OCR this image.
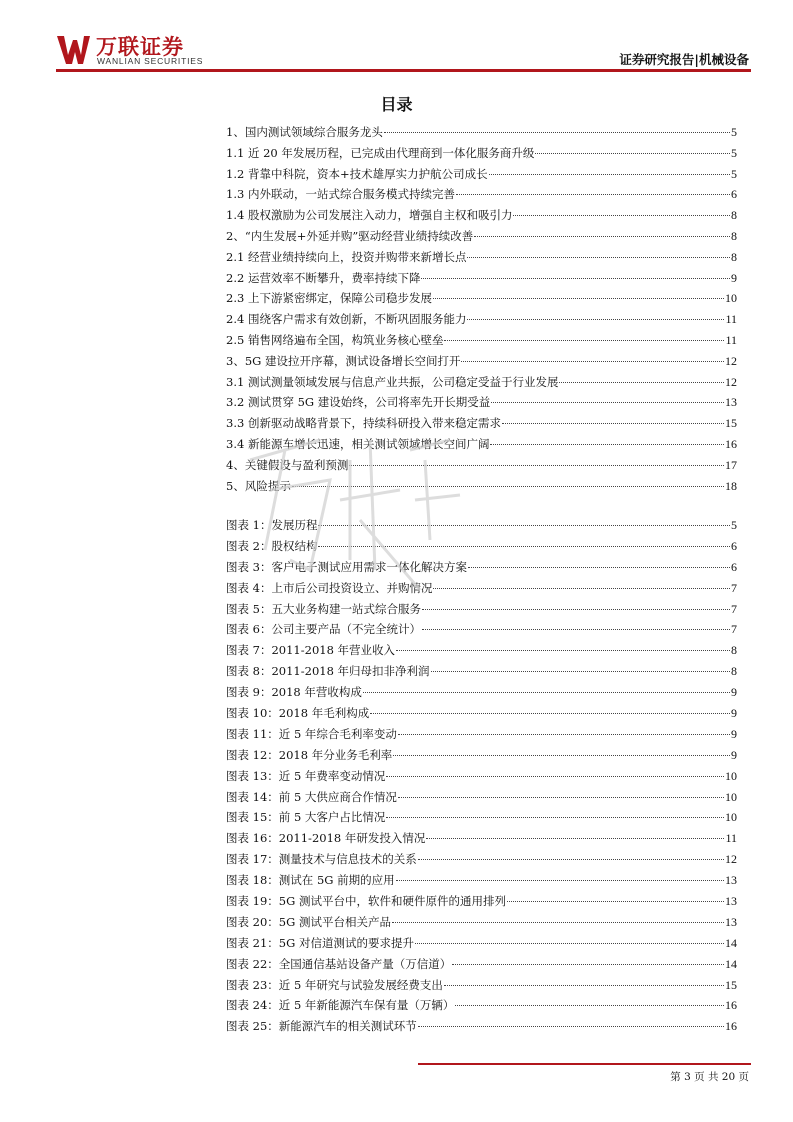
万联证券
WANLIAN SECURITIES	证券研究报告|机械设备
目录
1、国内测试领域综合服务龙头	5
1.1 近 20 年发展历程，已完成由代理商到一体化服务商升级	5
1.2 背靠中科院，资本+技术雄厚实力护航公司成长	5
1.3 内外联动，一站式综合服务模式持续完善	6
1.4 股权激励为公司发展注入动力，增强自主权和吸引力	8
2、“内生发展+外延并购”驱动经营业绩持续改善	8
2.1 经营业绩持续向上，投资并购带来新增长点	8
2.2 运营效率不断攀升，费率持续下降	9
2.3 上下游紧密绑定，保障公司稳步发展	10
2.4 围绕客户需求有效创新，不断巩固服务能力	11
2.5 销售网络遍布全国，构筑业务核心壁垒	11
3、5G 建设拉开序幕，测试设备增长空间打开	12
3.1 测试测量领域发展与信息产业共振，公司稳定受益于行业发展	12
3.2 测试贯穿 5G 建设始终，公司将率先开长期受益	13
3.3 创新驱动战略背景下，持续科研投入带来稳定需求	15
3.4 新能源车增长迅速，相关测试领域增长空间广阔	16
4、关键假设与盈利预测	17
5、风险提示	18
图表 1：发展历程	5
图表 2：股权结构	6
图表 3：客户电子测试应用需求一体化解决方案	6
图表 4：上市后公司投资设立、并购情况	7
图表 5：五大业务构建一站式综合服务	7
图表 6：公司主要产品（不完全统计）	7
图表 7：2011-2018 年营业收入	8
图表 8：2011-2018 年归母扣非净利润	8
图表 9：2018 年营收构成	9
图表 10：2018 年毛利构成	9
图表 11：近 5 年综合毛利率变动	9
图表 12：2018 年分业务毛利率	9
图表 13：近 5 年费率变动情况	10
图表 14：前 5 大供应商合作情况	10
图表 15：前 5 大客户占比情况	10
图表 16：2011-2018 年研发投入情况	11
图表 17：测量技术与信息技术的关系	12
图表 18：测试在 5G 前期的应用	13
图表 19：5G 测试平台中，软件和硬件原件的通用排列	13
图表 20：5G 测试平台相关产品	13
图表 21：5G 对信道测试的要求提升	14
图表 22：全国通信基站设备产量（万信道）	14
图表 23：近 5 年研究与试验发展经费支出	15
图表 24：近 5 年新能源汽车保有量（万辆）	16
图表 25：新能源汽车的相关测试环节	16
第 3 页 共 20 页
